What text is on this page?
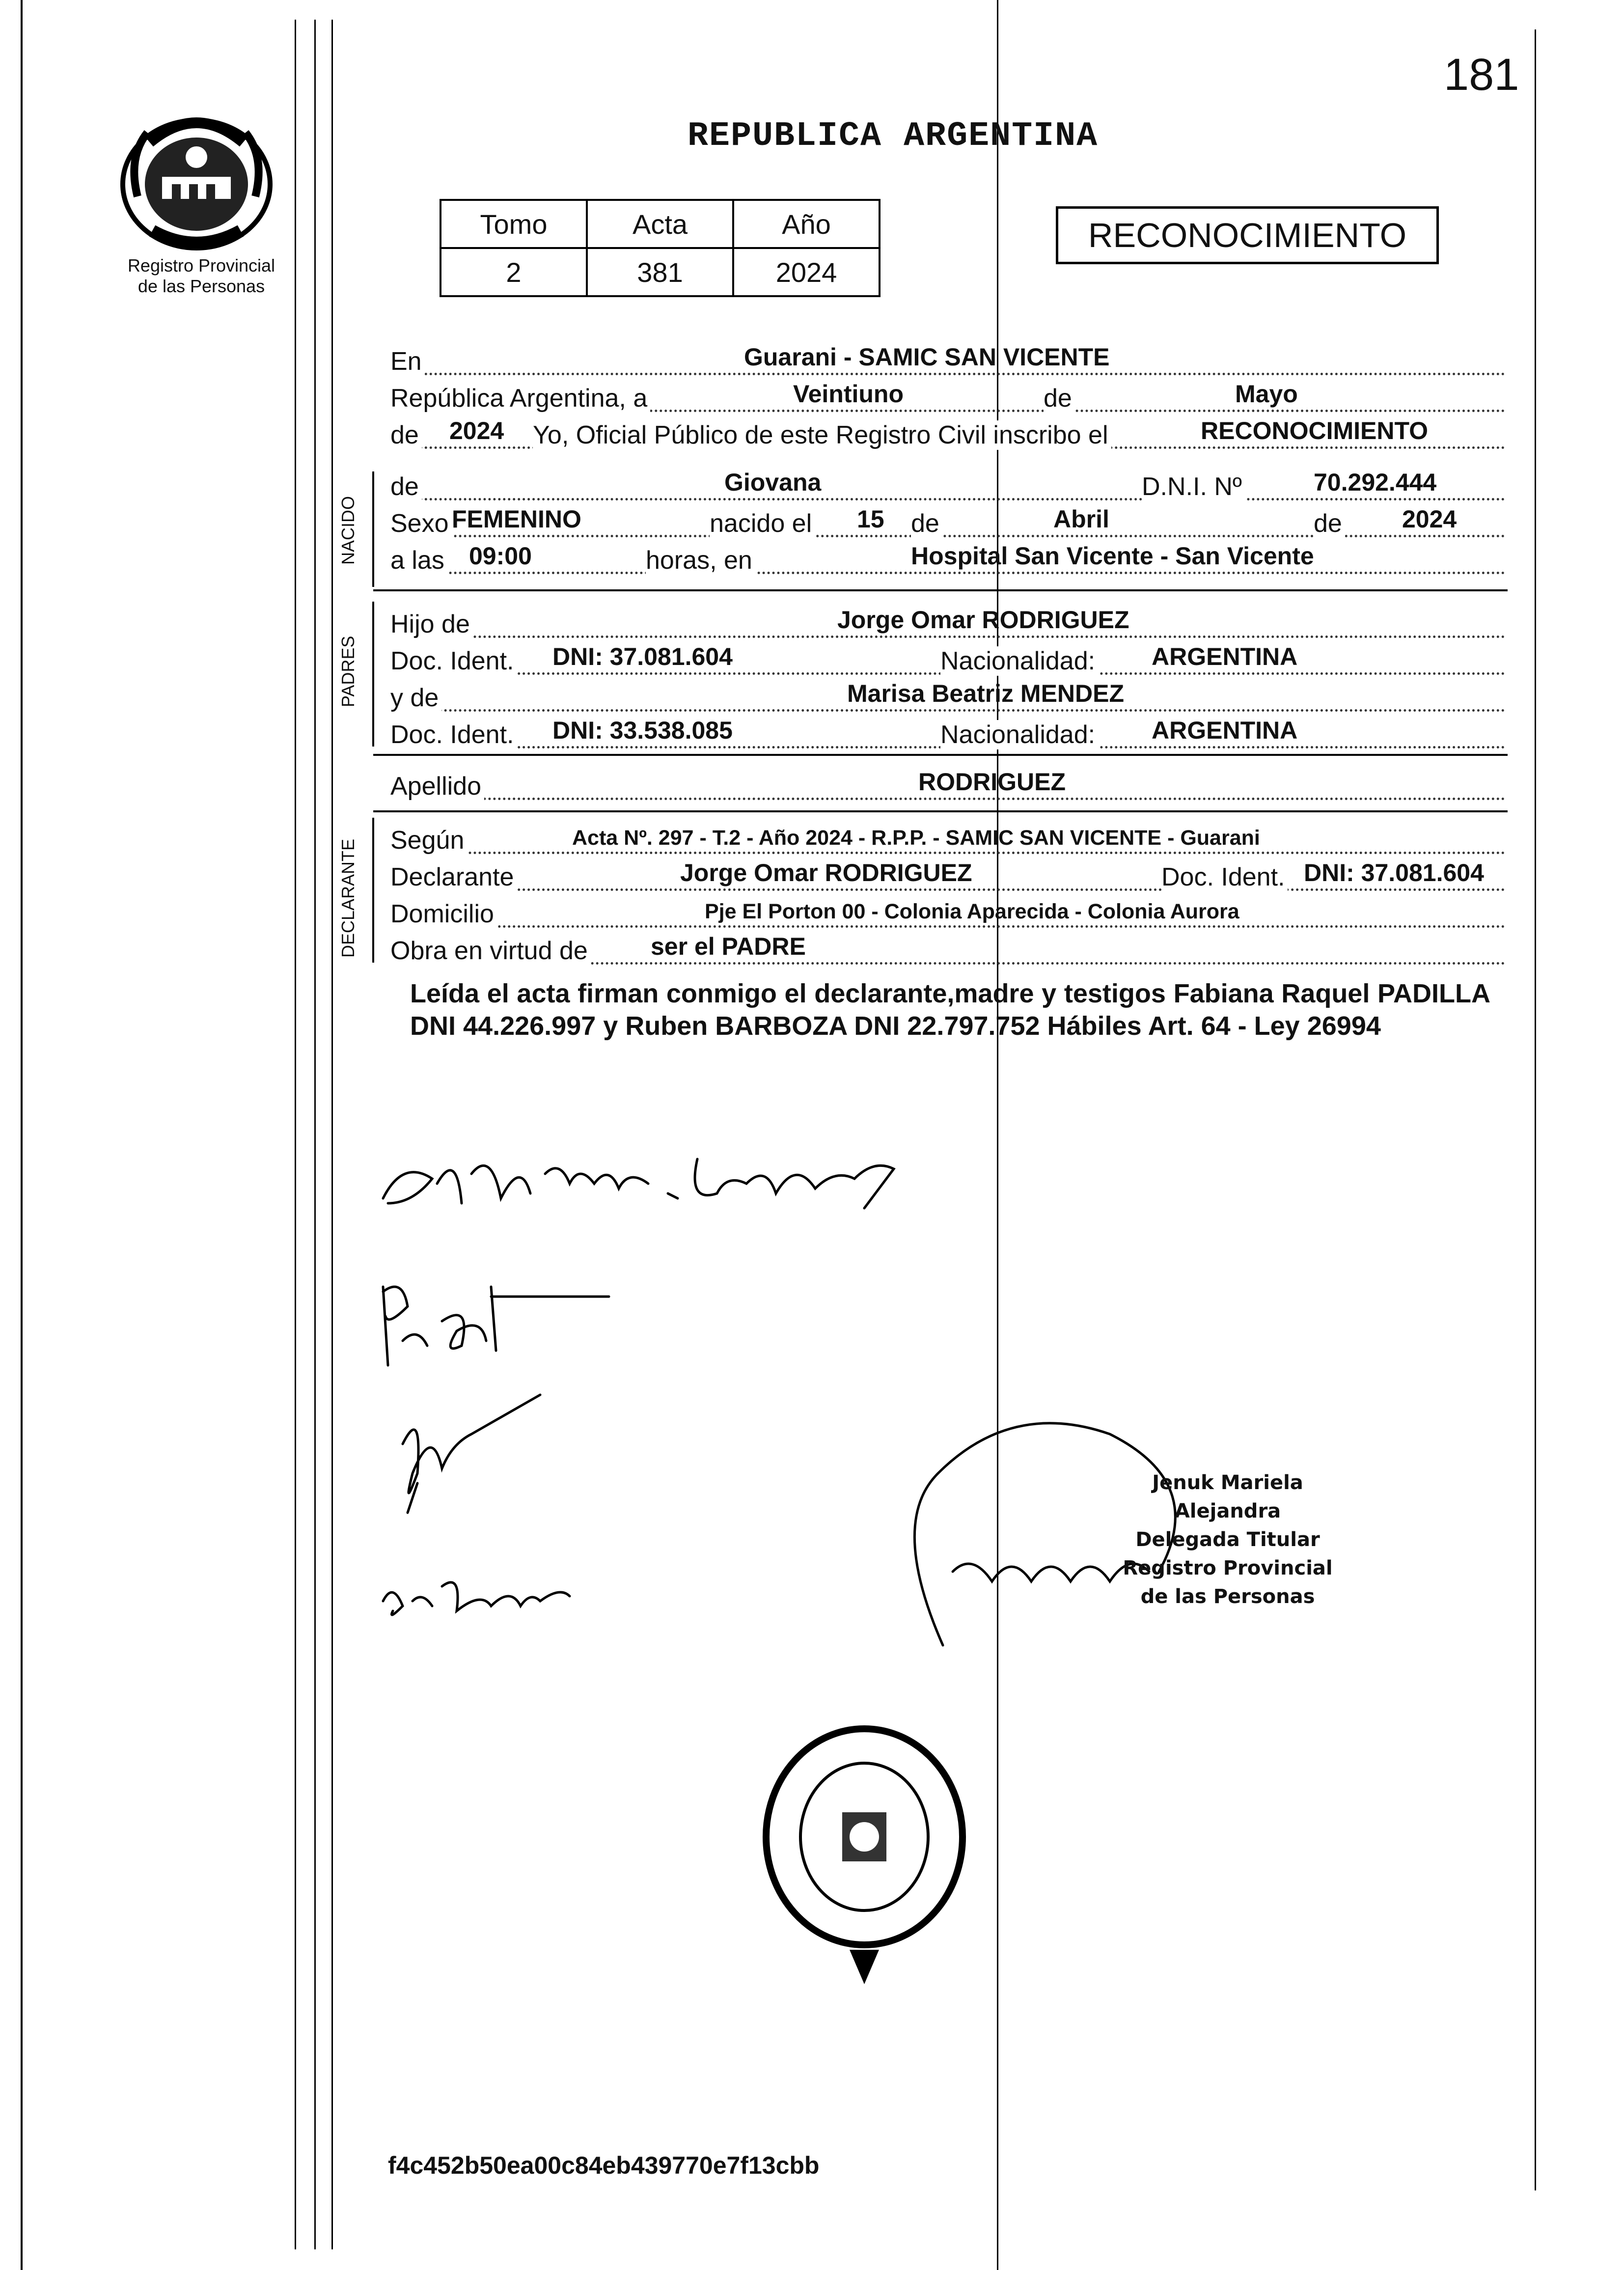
181
Registro Provincial
de las Personas
REPUBLICA ARGENTINA
Tomo	Acta	Año
2	381	2024
RECONOCIMIENTO
En	Guarani - SAMIC SAN VICENTE
República Argentina, a	Veintiuno	de	Mayo
de 2024 Yo, Oficial Público de este Registro Civil inscribo el	RECONOCIMIENTO
NACIDO
de	Giovana	D.N.I. Nº	70.292.444
Sexo FEMENINO	nacido el 15 de	Abril	de 2024
a las 09:00	horas, en	Hospital San Vicente - San Vicente
PADRES
Hijo de	Jorge Omar RODRIGUEZ
Doc. Ident. DNI: 37.081.604	Nacionalidad: ARGENTINA
y de	Marisa Beatriz MENDEZ
Doc. Ident. DNI: 33.538.085	Nacionalidad: ARGENTINA
Apellido	RODRIGUEZ
DECLARANTE Según	Acta Nº. 297 - T.2 - Año 2024 - R.P.P. - SAMIC SAN VICENTE - Guarani
Declarante	Jorge Omar RODRIGUEZ	Doc. Ident. DNI: 37.081.604
Domicilio	Pje El Porton 00 - Colonia Aparecida - Colonia Aurora
Obra en virtud de	ser el PADRE
Leída el acta firman conmigo el declarante,madre y testigos Fabiana Raquel PADILLA DNI 44.226.997 y Ruben BARBOZA DNI 22.797.752 Hábiles Art. 64 - Ley 26994
Jenuk Mariela Alejandra
Delegada Titular
Registro Provincial
de las Personas
f4c452b50ea00c84eb439770e7f13cbb
